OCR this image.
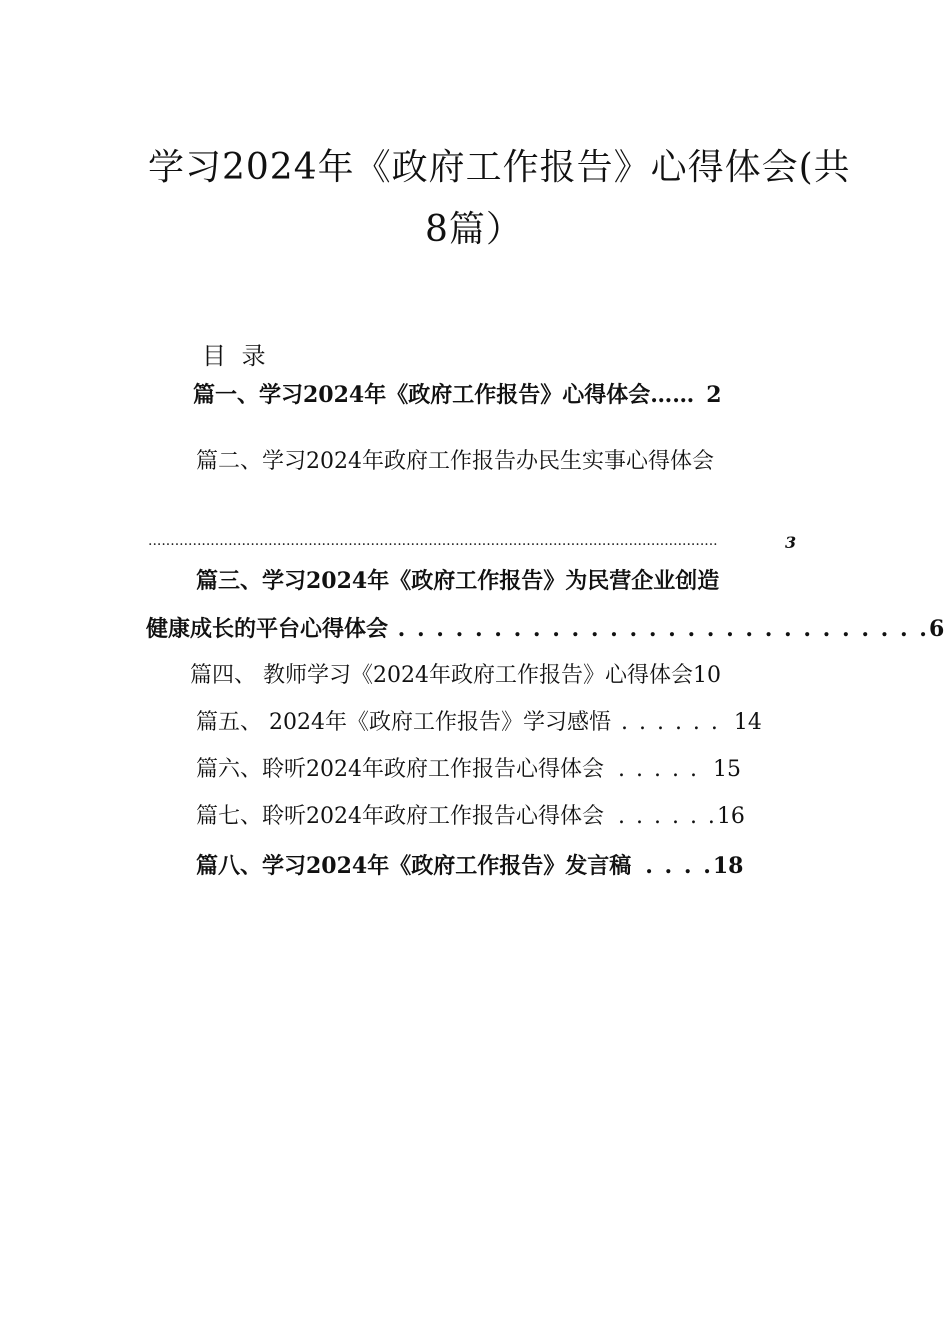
学习2024年《政府工作报告》心得体会(共
8篇）
目 录
篇一、学习2024年《政府工作报告》心得体会…… 2
篇二、学习2024年政府工作报告办民生实事心得体会
................................................................................................................................	3
篇三、学习2024年《政府工作报告》为民营企业创造
健康成长的平台心得体会 . . . . . . . . . . . . . . . . . . . . . . . . . . . .6
篇四、 教师学习《2024年政府工作报告》心得体会10
篇五、 2024年《政府工作报告》学习感悟 . . . . . . 14
篇六、聆听2024年政府工作报告心得体会 . . . . . 15
篇七、聆听2024年政府工作报告心得体会 . . . . . .16
篇八、学习2024年《政府工作报告》发言稿 . . . .18
